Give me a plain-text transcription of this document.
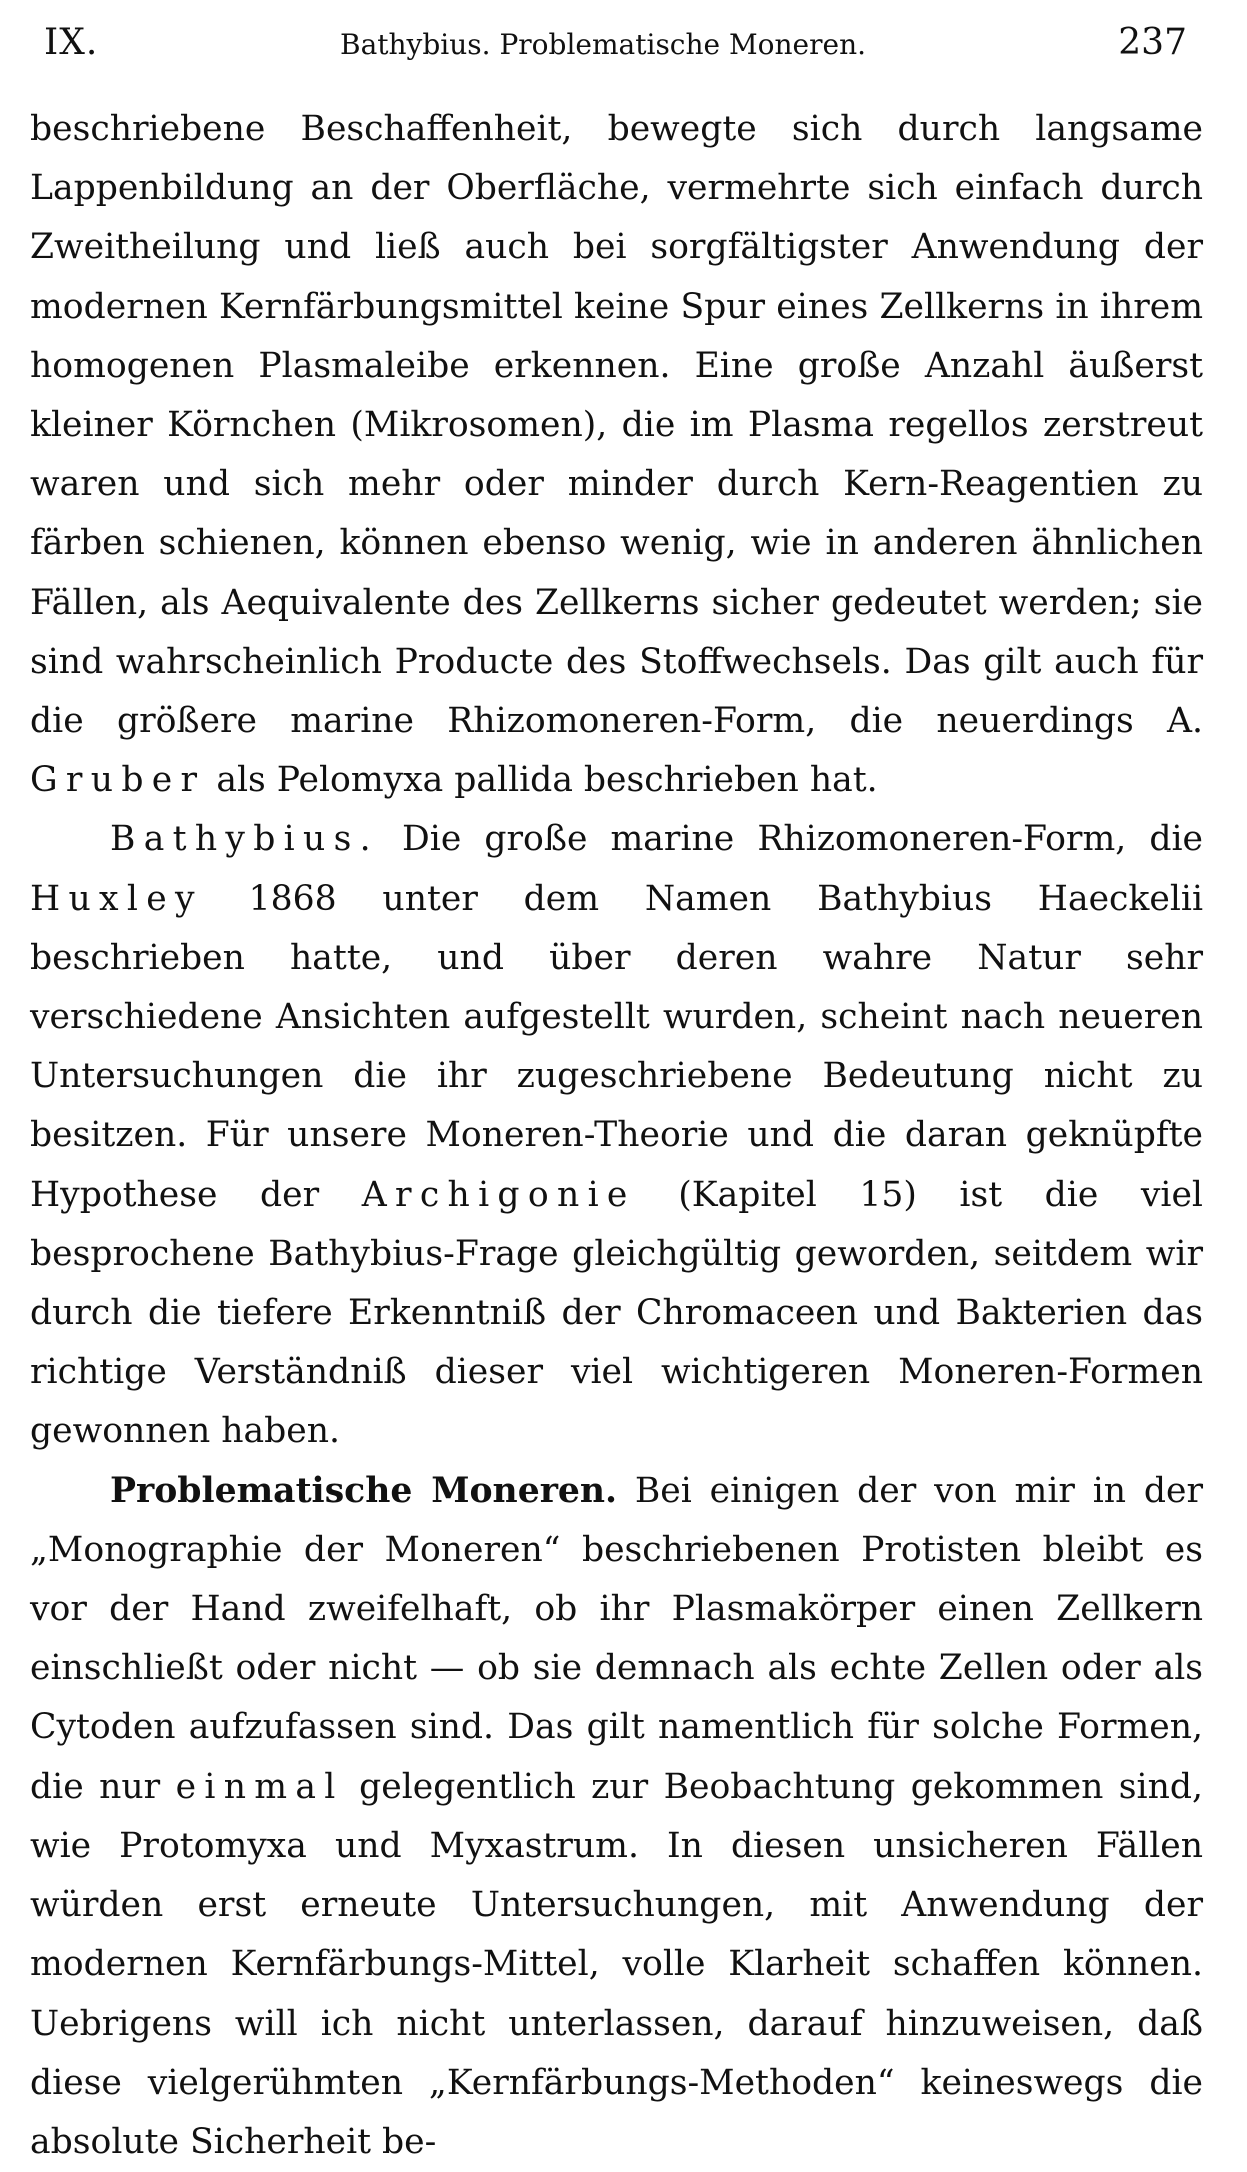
IX.	Bathybius. Problematische Moneren.	237

beschriebene Beschaffenheit, bewegte sich durch langsame Lappenbildung an der Oberfläche, vermehrte sich einfach durch Zweitheilung und ließ auch bei sorgfältigster Anwendung der modernen Kernfärbungsmittel keine Spur eines Zellkerns in ihrem homogenen Plasmaleibe erkennen. Eine große Anzahl äußerst kleiner Körnchen (Mikrosomen), die im Plasma regellos zerstreut waren und sich mehr oder minder durch Kern-Reagentien zu färben schienen, können ebenso wenig, wie in anderen ähnlichen Fällen, als Aequivalente des Zellkerns sicher gedeutet werden; sie sind wahrscheinlich Producte des Stoffwechsels. Das gilt auch für die größere marine Rhizomoneren-Form, die neuerdings A. Gruber als Pelomyxa pallida beschrieben hat.

Bathybius. Die große marine Rhizomoneren-Form, die Huxley 1868 unter dem Namen Bathybius Haeckelii beschrieben hatte, und über deren wahre Natur sehr verschiedene Ansichten aufgestellt wurden, scheint nach neueren Untersuchungen die ihr zugeschriebene Bedeutung nicht zu besitzen. Für unsere Moneren-Theorie und die daran geknüpfte Hypothese der Archigonie (Kapitel 15) ist die viel besprochene Bathybius-Frage gleichgültig geworden, seitdem wir durch die tiefere Erkenntniß der Chromaceen und Bakterien das richtige Verständniß dieser viel wichtigeren Moneren-Formen gewonnen haben.

Problematische Moneren. Bei einigen der von mir in der „Monographie der Moneren“ beschriebenen Protisten bleibt es vor der Hand zweifelhaft, ob ihr Plasmakörper einen Zellkern einschließt oder nicht — ob sie demnach als echte Zellen oder als Cytoden aufzufassen sind. Das gilt namentlich für solche Formen, die nur einmal gelegentlich zur Beobachtung gekommen sind, wie Protomyxa und Myxastrum. In diesen unsicheren Fällen würden erst erneute Untersuchungen, mit Anwendung der modernen Kernfärbungs-Mittel, volle Klarheit schaffen können. Uebrigens will ich nicht unterlassen, darauf hinzuweisen, daß diese vielgerühmten „Kernfärbungs-Methoden“ keineswegs die absolute Sicherheit be-
